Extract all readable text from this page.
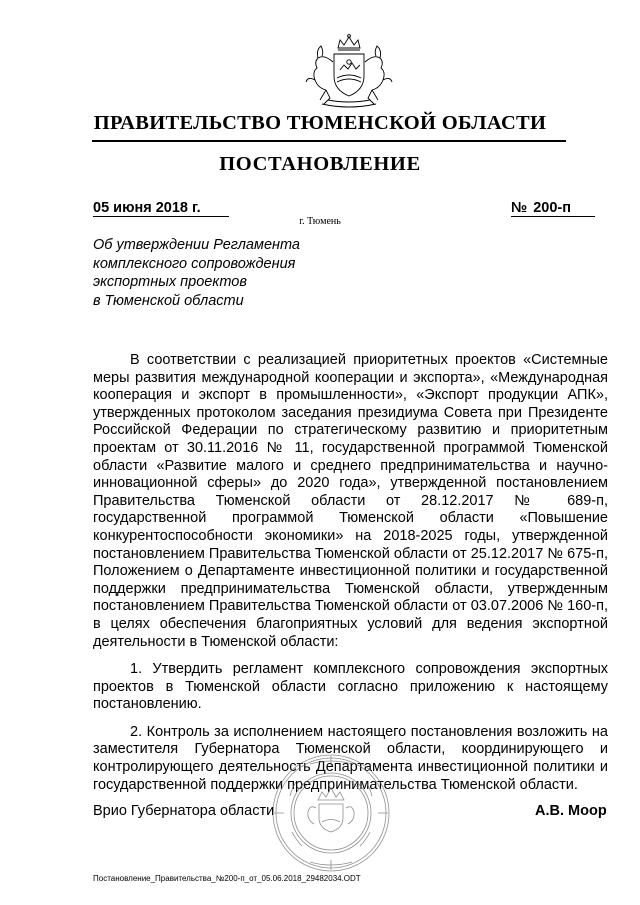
ПРАВИТЕЛЬСТВО ТЮМЕНСКОЙ ОБЛАСТИ
ПОСТАНОВЛЕНИЕ
05 июня 2018 г.	№ 200-п
г. Тюмень
Об утверждении Регламента
комплексного сопровождения
экспортных проектов
в Тюменской области

В соответствии с реализацией приоритетных проектов «Системные меры развития международной кооперации и экспорта», «Международная кооперация и экспорт в промышленности», «Экспорт продукции АПК», утвержденных протоколом заседания президиума Совета при Президенте Российской Федерации по стратегическому развитию и приоритетным проектам от 30.11.2016 № 11, государственной программой Тюменской области «Развитие малого и среднего предпринимательства и научно-инновационной сферы» до 2020 года», утвержденной постановлением Правительства Тюменской области от 28.12.2017 № 689-п, государственной программой Тюменской области «Повышение конкурентоспособности экономики» на 2018-2025 годы, утвержденной постановлением Правительства Тюменской области от 25.12.2017 № 675-п, Положением о Департаменте инвестиционной политики и государственной поддержки предпринимательства Тюменской области, утвержденным постановлением Правительства Тюменской области от 03.07.2006 № 160-п, в целях обеспечения благоприятных условий для ведения экспортной деятельности в Тюменской области:

1. Утвердить регламент комплексного сопровождения экспортных проектов в Тюменской области согласно приложению к настоящему постановлению.

2. Контроль за исполнением настоящего постановления возложить на заместителя Губернатора Тюменской области, координирующего и контролирующего деятельность Департамента инвестиционной политики и государственной поддержки предпринимательства Тюменской области.

Врио Губернатора области	А.В. Моор
Постановление_Правительства_№200-п_от_05.06.2018_29482034.ODT
